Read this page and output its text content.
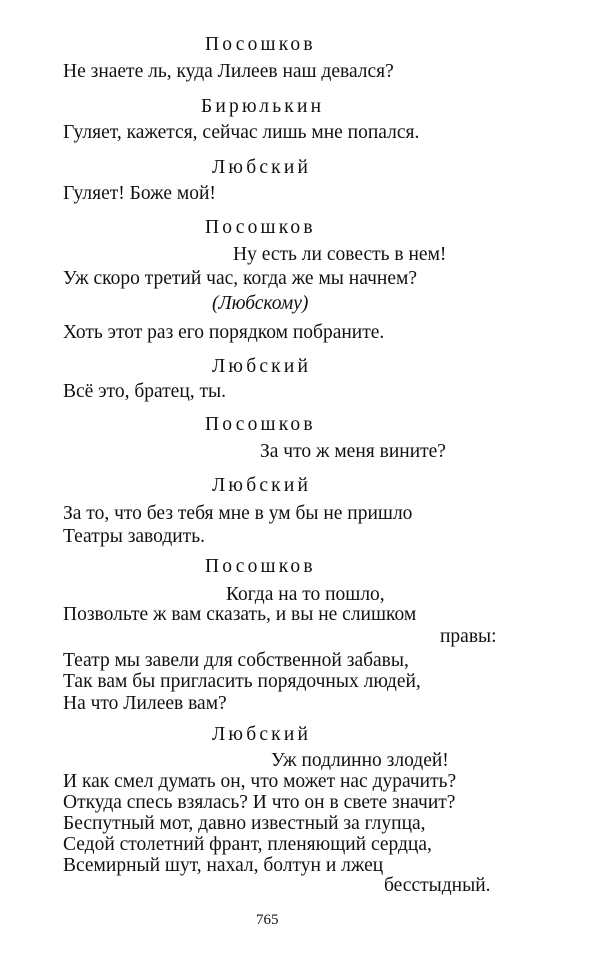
Посошков

Не знаете ль, куда Лилеев наш девался?

Бирюлькин

Гуляет, кажется, сейчас лишь мне попался.

Любский

Гуляет! Боже мой!

Посошков

Ну есть ли совесть в нем!

Уж скоро третий час, когда же мы начнем?

(Любскому)

Хоть этот раз его порядком побраните.

Любский

Всё это, братец, ты.

Посошков

За что ж меня вините?

Любский

За то, что без тебя мне в ум бы не пришло

Театры заводить.

Посошков

Когда на то пошло,

Позвольте ж вам сказать, и вы не слишком

правы:

Театр мы завели для собственной забавы,

Так вам бы пригласить порядочных людей,

На что Лилеев вам?

Любский

Уж подлинно злодей!

И как смел думать он, что может нас дурачить?

Откуда спесь взялась? И что он в свете значит?

Беспутный мот, давно известный за глупца,

Седой столетний франт, пленяющий сердца,

Всемирный шут, нахал, болтун и лжец

бесстыдный.

765
